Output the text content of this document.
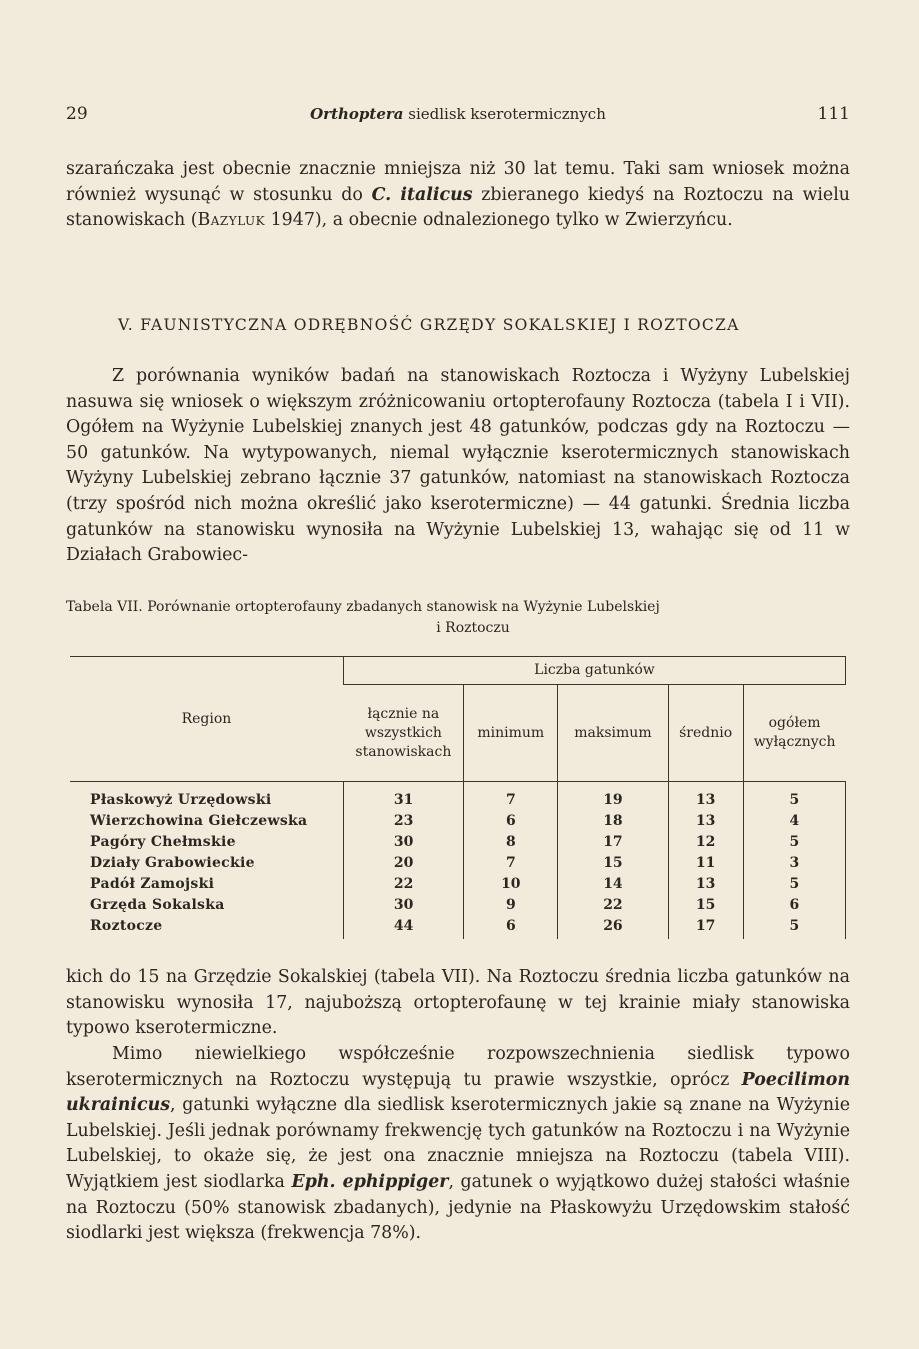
29	Orthoptera siedlisk kserotermicznych	111

szarańczaka jest obecnie znacznie mniejsza niż 30 lat temu. Taki sam wniosek można również wysunąć w stosunku do C. italicus zbieranego kiedyś na Roztoczu na wielu stanowiskach (Bazyluk 1947), a obecnie odnalezionego tylko w Zwierzyńcu.

V. FAUNISTYCZNA ODRĘBNOŚĆ GRZĘDY SOKALSKIEJ I ROZTOCZA

Z porównania wyników badań na stanowiskach Roztocza i Wyżyny Lubelskiej nasuwa się wniosek o większym zróżnicowaniu ortopterofauny Roztocza (tabela I i VII). Ogółem na Wyżynie Lubelskiej znanych jest 48 gatunków, podczas gdy na Roztoczu — 50 gatunków. Na wytypowanych, niemal wyłącznie kserotermicznych stanowiskach Wyżyny Lubelskiej zebrano łącznie 37 gatunków, natomiast na stanowiskach Roztocza (trzy spośród nich można określić jako kserotermiczne) — 44 gatunki. Średnia liczba gatunków na stanowisku wynosiła na Wyżynie Lubelskiej 13, wahając się od 11 w Działach Grabowiec-

Tabela VII. Porównanie ortopterofauny zbadanych stanowisk na Wyżynie Lubelskiej
i Roztoczu
Region	Liczba gatunków				
	łącznie na wszystkich stanowiskach	minimum	maksimum	średnio	ogółem wyłącznych
Płaskowyż Urzędowski	31	7	19	13	5
Wierzchowina Giełczewska	23	6	18	13	4
Pagóry Chełmskie	30	8	17	12	5
Działy Grabowieckie	20	7	15	11	3
Padół Zamojski	22	10	14	13	5
Grzęda Sokalska	30	9	22	15	6
Roztocze	44	6	26	17	5

kich do 15 na Grzędzie Sokalskiej (tabela VII). Na Roztoczu średnia liczba gatunków na stanowisku wynosiła 17, najuboższą ortopterofaunę w tej krainie miały stanowiska typowo kserotermiczne.

Mimo niewielkiego współcześnie rozpowszechnienia siedlisk typowo kserotermicznych na Roztoczu występują tu prawie wszystkie, oprócz Poecilimon ukrainicus, gatunki wyłączne dla siedlisk kserotermicznych jakie są znane na Wyżynie Lubelskiej. Jeśli jednak porównamy frekwencję tych gatunków na Roztoczu i na Wyżynie Lubelskiej, to okaże się, że jest ona znacznie mniejsza na Roztoczu (tabela VIII). Wyjątkiem jest siodlarka Eph. ephippiger, gatunek o wyjątkowo dużej stałości właśnie na Roztoczu (50% stanowisk zbadanych), jedynie na Płaskowyżu Urzędowskim stałość siodlarki jest większa (frekwencja 78%).
